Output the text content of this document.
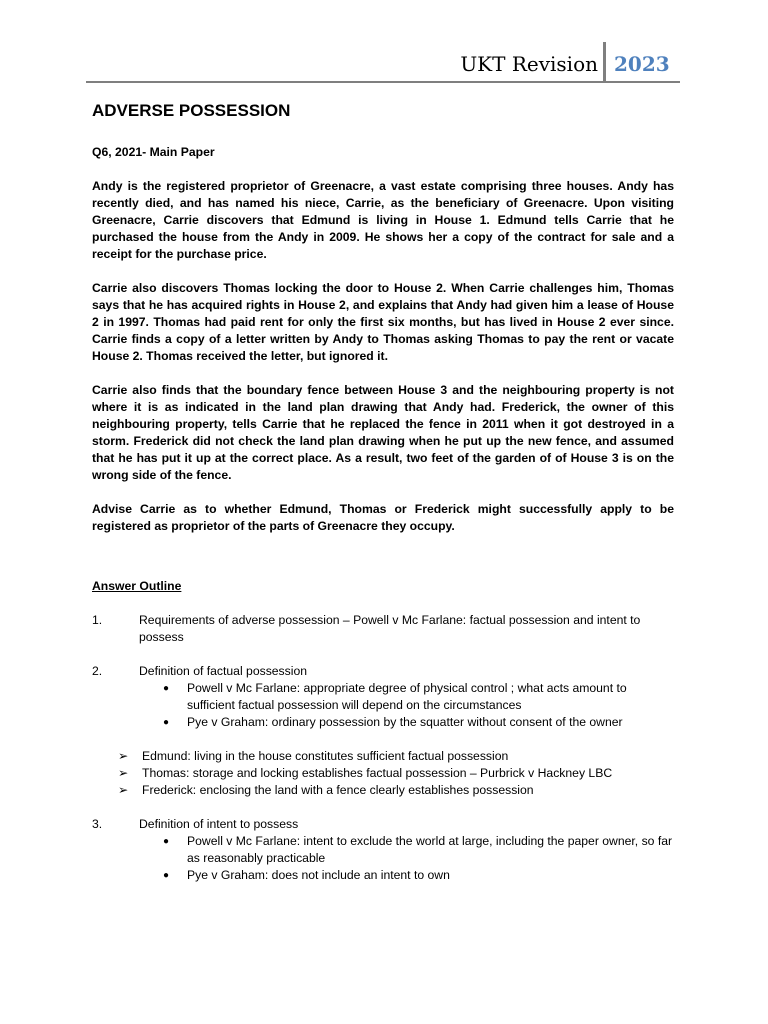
UKT Revision 2023
ADVERSE POSSESSION
Q6, 2021- Main Paper

Andy is the registered proprietor of Greenacre, a vast estate comprising three houses. Andy has recently died, and has named his niece, Carrie, as the beneficiary of Greenacre. Upon visiting Greenacre, Carrie discovers that Edmund is living in House 1. Edmund tells Carrie that he purchased the house from the Andy in 2009. He shows her a copy of the contract for sale and a receipt for the purchase price.

Carrie also discovers Thomas locking the door to House 2. When Carrie challenges him, Thomas says that he has acquired rights in House 2, and explains that Andy had given him a lease of House 2 in 1997. Thomas had paid rent for only the first six months, but has lived in House 2 ever since. Carrie finds a copy of a letter written by Andy to Thomas asking Thomas to pay the rent or vacate House 2. Thomas received the letter, but ignored it.

Carrie also finds that the boundary fence between House 3 and the neighbouring property is not where it is as indicated in the land plan drawing that Andy had. Frederick, the owner of this neighbouring property, tells Carrie that he replaced the fence in 2011 when it got destroyed in a storm. Frederick did not check the land plan drawing when he put up the new fence, and assumed that he has put it up at the correct place. As a result, two feet of the garden of of House 3 is on the wrong side of the fence.

Advise Carrie as to whether Edmund, Thomas or Frederick might successfully apply to be registered as proprietor of the parts of Greenacre they occupy.

Answer Outline
1.	Requirements of adverse possession – Powell v Mc Farlane: factual possession and intent to possess
2.	Definition of factual possession
●	Powell v Mc Farlane: appropriate degree of physical control ; what acts amount to sufficient factual possession will depend on the circumstances
●	Pye v Graham: ordinary possession by the squatter without consent of the owner
➢	Edmund: living in the house constitutes sufficient factual possession
➢	Thomas: storage and locking establishes factual possession – Purbrick v Hackney LBC
➢	Frederick: enclosing the land with a fence clearly establishes possession
3.	Definition of intent to possess
●	Powell v Mc Farlane: intent to exclude the world at large, including the paper owner, so far as reasonably practicable
●	Pye v Graham: does not include an intent to own
